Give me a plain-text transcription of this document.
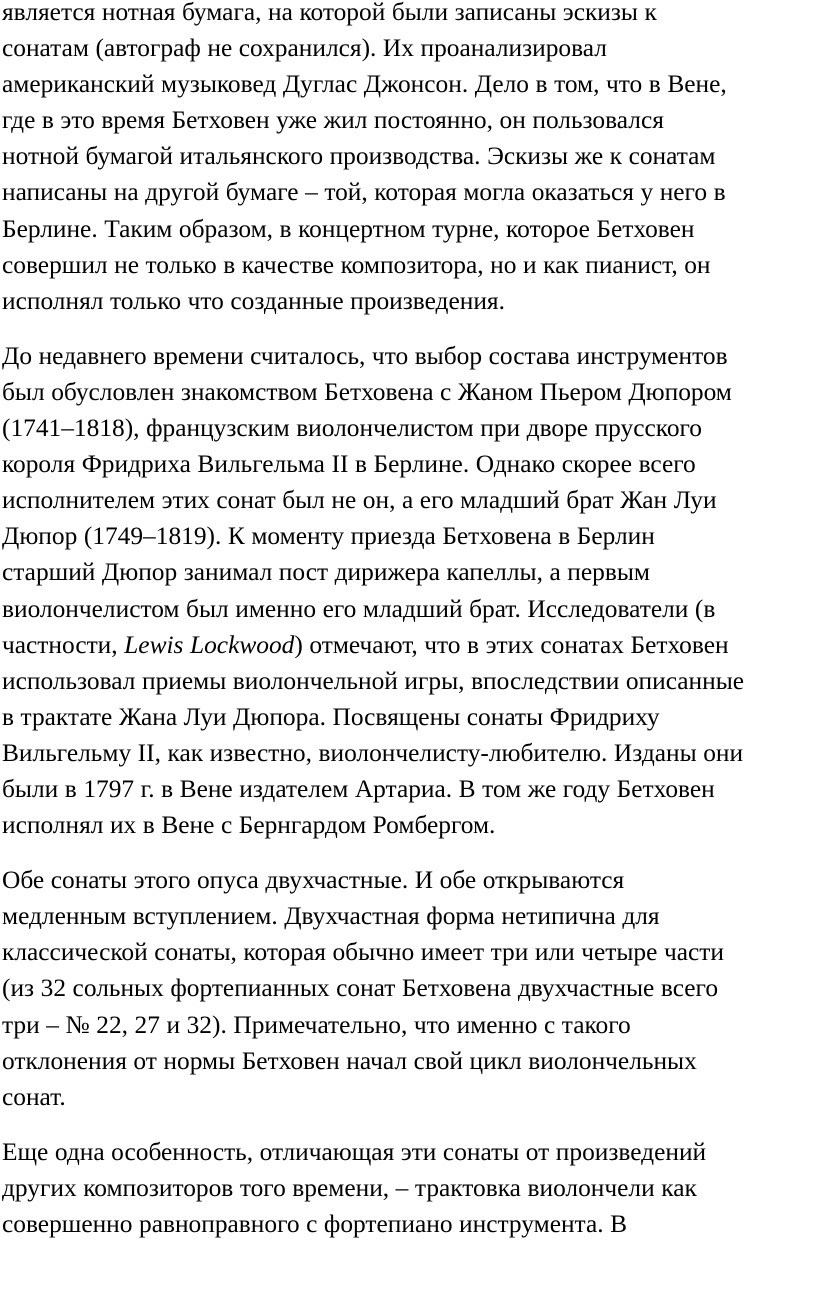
является нотная бумага, на которой были записаны эскизы к
сонатам (автограф не сохранился). Их проанализировал
американский музыковед Дуглас Джонсон. Дело в том, что в Вене,
где в это время Бетховен уже жил постоянно, он пользовался
нотной бумагой итальянского производства. Эскизы же к сонатам
написаны на другой бумаге – той, которая могла оказаться у него в
Берлине. Таким образом, в концертном турне, которое Бетховен
совершил не только в качестве композитора, но и как пианист, он
исполнял только что созданные произведения.

До недавнего времени считалось, что выбор состава инструментов
был обусловлен знакомством Бетховена с Жаном Пьером Дюпором
(1741–1818), французским виолончелистом при дворе прусского
короля Фридриха Вильгельма II в Берлине. Однако скорее всего
исполнителем этих сонат был не он, а его младший брат Жан Луи
Дюпор (1749–1819). К моменту приезда Бетховена в Берлин
старший Дюпор занимал пост дирижера капеллы, а первым
виолончелистом был именно его младший брат. Исследователи (в
частности, Lewis Lockwood) отмечают, что в этих сонатах Бетховен
использовал приемы виолончельной игры, впоследствии описанные
в трактате Жана Луи Дюпора. Посвящены сонаты Фридриху
Вильгельму II, как известно, виолончелисту-любителю. Изданы они
были в 1797 г. в Вене издателем Артариа. В том же году Бетховен
исполнял их в Вене с Бернгардом Ромбергом.

Обе сонаты этого опуса двухчастные. И обе открываются
медленным вступлением. Двухчастная форма нетипична для
классической сонаты, которая обычно имеет три или четыре части
(из 32 сольных фортепианных сонат Бетховена двухчастные всего
три – № 22, 27 и 32). Примечательно, что именно с такого
отклонения от нормы Бетховен начал свой цикл виолончельных
сонат.

Еще одна особенность, отличающая эти сонаты от произведений
других композиторов того времени, – трактовка виолончели как
совершенно равноправного с фортепиано инструмента. В
